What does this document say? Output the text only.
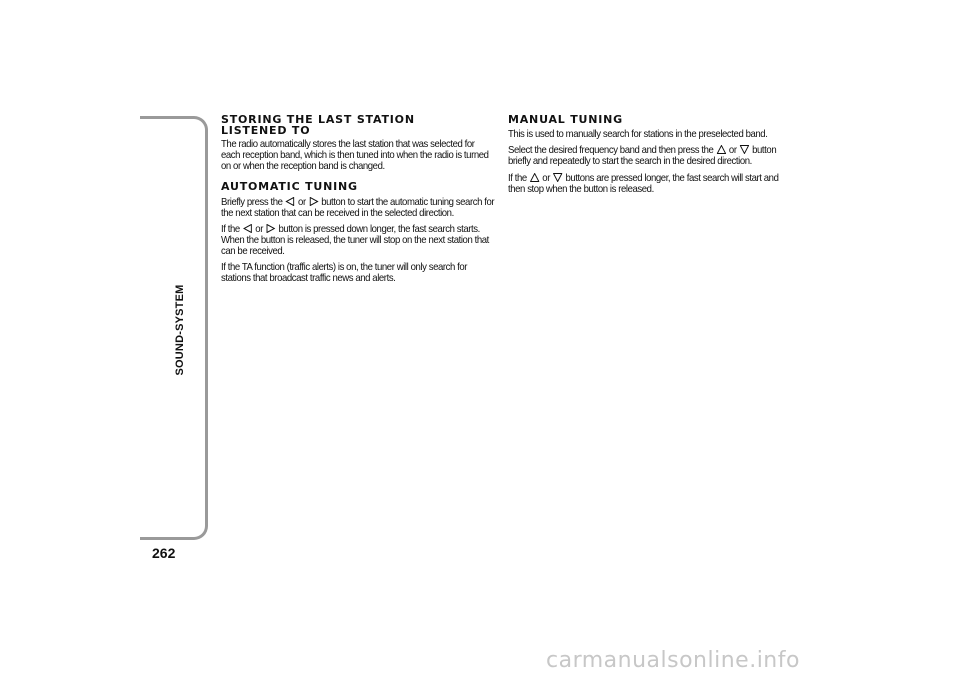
SOUND-SYSTEM
262
STORING THE LAST STATION
LISTENED TO

The radio automatically stores the last station that was selected for each reception band, which is then tuned into when the radio is turned on or when the reception band is changed.

AUTOMATIC TUNING

Briefly press the or button to start the automatic tuning search for the next station that can be received in the selected direction.

If the or button is pressed down longer, the fast search starts. When the button is released, the tuner will stop on the next station that can be received.

If the TA function (traffic alerts) is on, the tuner will only search for stations that broadcast traffic news and alerts.

MANUAL TUNING

This is used to manually search for stations in the preselected band.

Select the desired frequency band and then press the or button briefly and repeatedly to start the search in the desired direction.

If the or buttons are pressed longer, the fast search will start and then stop when the button is released.

carmanualsonline.info
